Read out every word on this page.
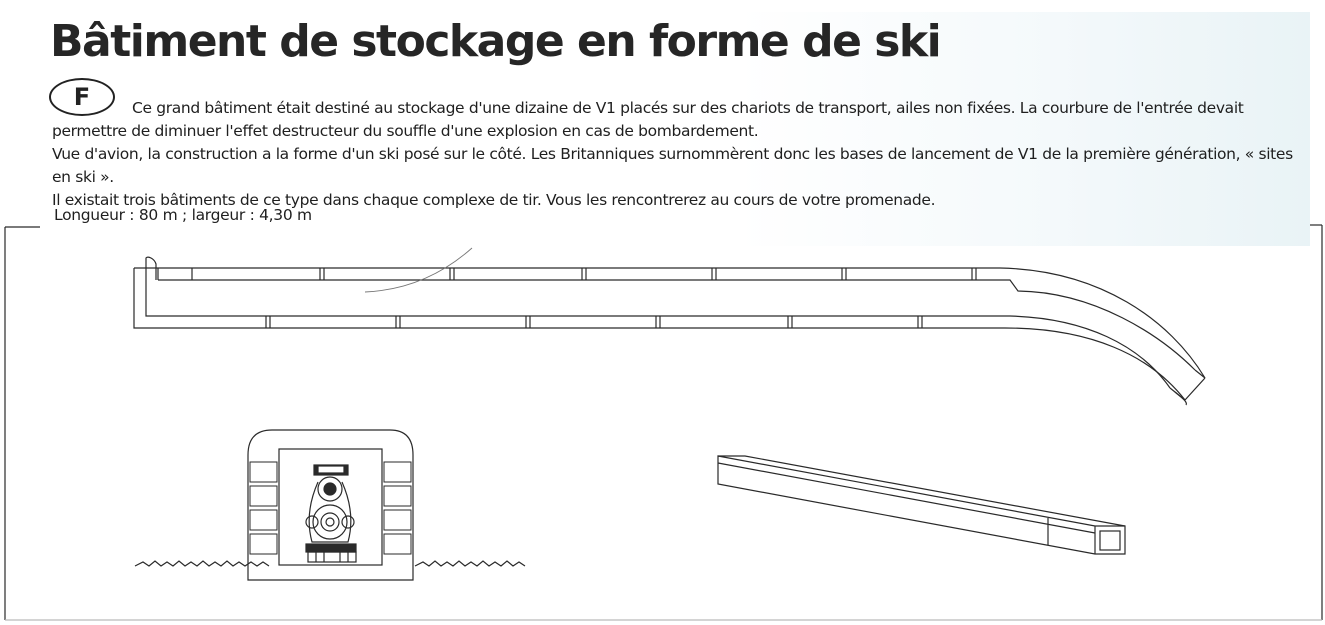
Bâtiment de stockage en forme de ski
F	Ce grand bâtiment était destiné au stockage d'une dizaine de V1 placés sur des chariots de transport, ailes non fixées. La courbure de l'entrée devait permettre de diminuer l'effet destructeur du souffle d'une explosion en cas de bombardement.

Vue d'avion, la construction a la forme d'un ski posé sur le côté. Les Britanniques surnommèrent donc les bases de lancement de V1 de la première génération, « sites en ski ».

Il existait trois bâtiments de ce type dans chaque complexe de tir. Vous les rencontrerez au cours de votre promenade.

Longueur : 80 m ; largeur : 4,30 m
